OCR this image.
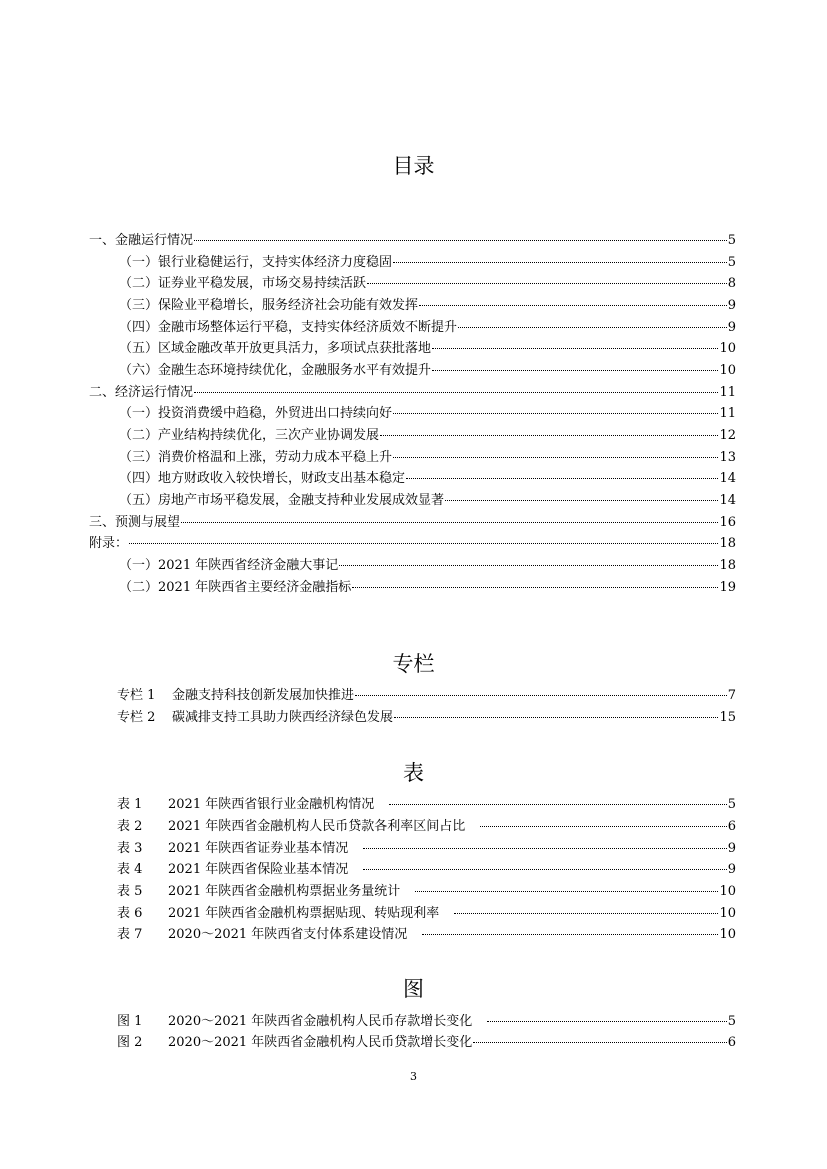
目录
一、金融运行情况	5
（一）银行业稳健运行，支持实体经济力度稳固	5
（二）证券业平稳发展，市场交易持续活跃	8
（三）保险业平稳增长，服务经济社会功能有效发挥	9
（四）金融市场整体运行平稳，支持实体经济质效不断提升	9
（五）区域金融改革开放更具活力，多项试点获批落地	10
（六）金融生态环境持续优化，金融服务水平有效提升	10
二、经济运行情况	11
（一）投资消费缓中趋稳，外贸进出口持续向好	11
（二）产业结构持续优化，三次产业协调发展	12
（三）消费价格温和上涨，劳动力成本平稳上升	13
（四）地方财政收入较快增长，财政支出基本稳定	14
（五）房地产市场平稳发展，金融支持种业发展成效显著	14
三、预测与展望	16
附录：	18
（一）2021 年陕西省经济金融大事记	18
（二）2021 年陕西省主要经济金融指标	19
专栏
专栏 1	金融支持科技创新发展加快推进	7
专栏 2	碳减排支持工具助力陕西经济绿色发展	15
表
表 1	2021 年陕西省银行业金融机构情况	5
表 2	2021 年陕西省金融机构人民币贷款各利率区间占比	6
表 3	2021 年陕西省证券业基本情况	9
表 4	2021 年陕西省保险业基本情况	9
表 5	2021 年陕西省金融机构票据业务量统计	10
表 6	2021 年陕西省金融机构票据贴现、转贴现利率	10
表 7	2020～2021 年陕西省支付体系建设情况	10
图
图 1	2020～2021 年陕西省金融机构人民币存款增长变化	5
图 2	2020～2021 年陕西省金融机构人民币贷款增长变化	6
3
